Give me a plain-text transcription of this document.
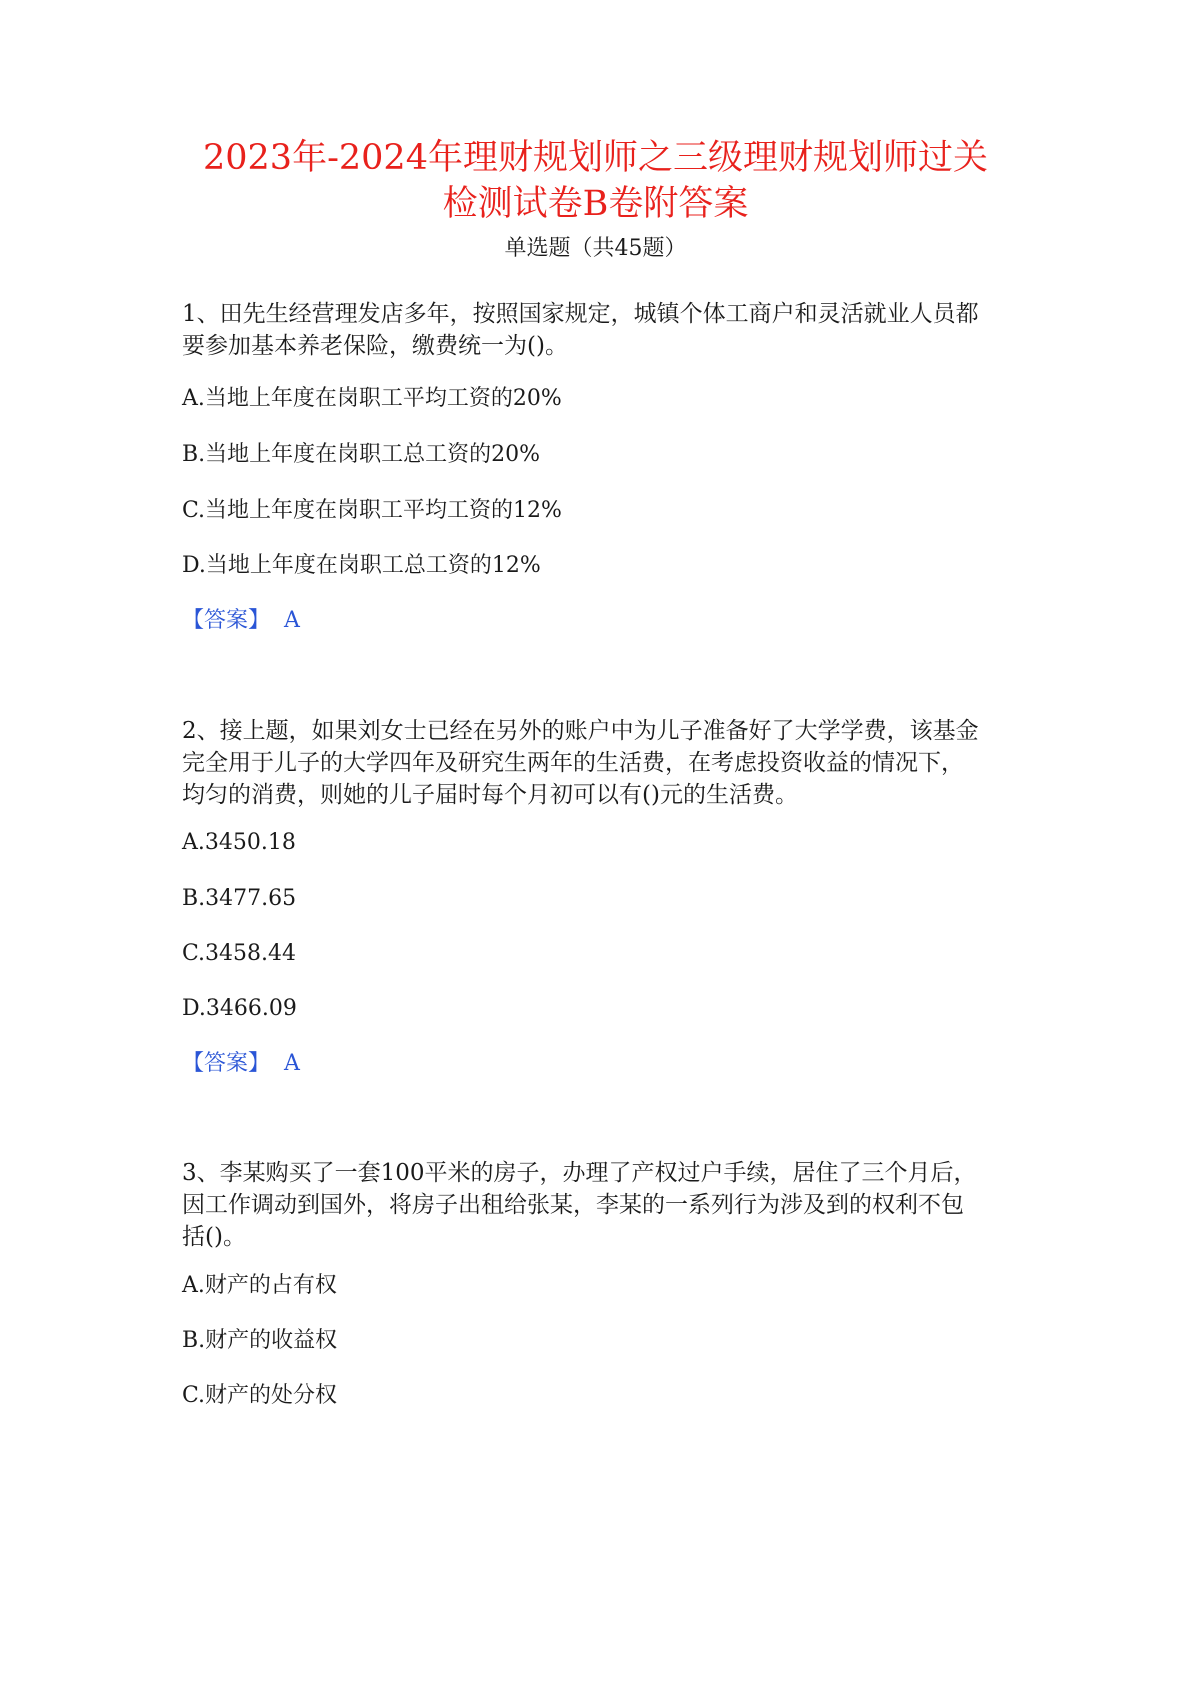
2023年-2024年理财规划师之三级理财规划师过关
检测试卷B卷附答案
单选题（共45题）
1、田先生经营理发店多年，按照国家规定，城镇个体工商户和灵活就业人员都
要参加基本养老保险，缴费统一为()。
A.当地上年度在岗职工平均工资的20%
B.当地上年度在岗职工总工资的20%
C.当地上年度在岗职工平均工资的12%
D.当地上年度在岗职工总工资的12%
【答案】 A
2、接上题，如果刘女士已经在另外的账户中为儿子准备好了大学学费，该基金
完全用于儿子的大学四年及研究生两年的生活费，在考虑投资收益的情况下，
均匀的消费，则她的儿子届时每个月初可以有()元的生活费。
A.3450.18
B.3477.65
C.3458.44
D.3466.09
【答案】 A
3、李某购买了一套100平米的房子，办理了产权过户手续，居住了三个月后，
因工作调动到国外，将房子出租给张某，李某的一系列行为涉及到的权利不包
括()。
A.财产的占有权
B.财产的收益权
C.财产的处分权
